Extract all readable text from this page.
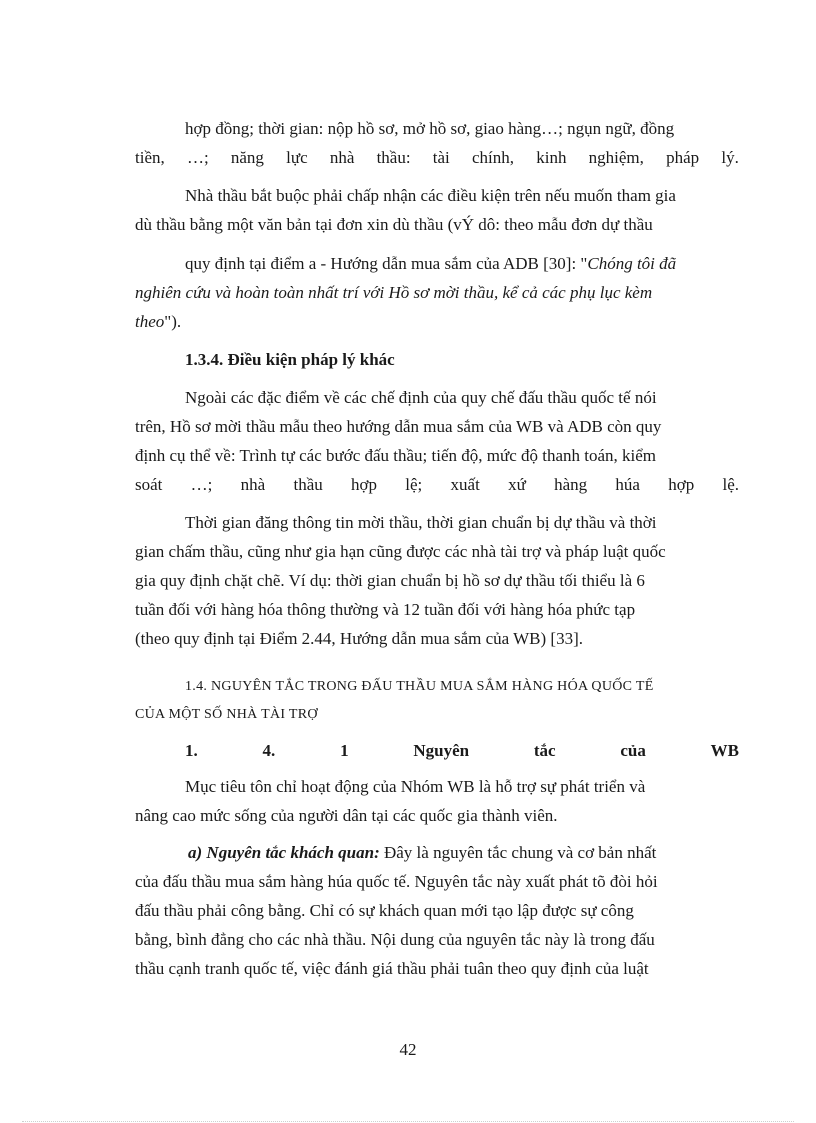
hợp đồng; thời gian: nộp hồ sơ, mở hồ sơ, giao hàng…; ngụn ngữ, đồng
tiền, …; năng lực nhà thầu: tài chính, kinh nghiệm, pháp lý.
Nhà thầu bắt buộc phải chấp nhận các điều kiện trên nếu muốn tham gia
dù thầu bằng một văn bản tại đơn xin dù thầu (vÝ dô: theo mẫu đơn dự thầu
quy định tại điểm a - Hướng dẫn mua sắm của ADB [30]: "Chóng tôi đã
nghiên cứu và hoàn toàn nhất trí với Hồ sơ mời thầu, kể cả các phụ lục kèm
theo").
1.3.4. Điều kiện pháp lý khác
Ngoài các đặc điểm về các chế định của quy chế đấu thầu quốc tế nói
trên, Hồ sơ mời thầu mẫu theo hướng dẫn mua sắm của WB và ADB còn quy
định cụ thể về: Trình tự các bước đấu thầu; tiến độ, mức độ thanh toán, kiểm
soát …; nhà thầu hợp lệ; xuất xứ hàng húa hợp lệ.
Thời gian đăng thông tin mời thầu, thời gian chuẩn bị dự thầu và thời
gian chấm thầu, cũng như gia hạn cũng được các nhà tài trợ và pháp luật quốc
gia quy định chặt chẽ. Ví dụ: thời gian chuẩn bị hồ sơ dự thầu tối thiểu là 6
tuần đối với hàng hóa thông thường và 12 tuần đối với hàng hóa phức tạp
(theo quy định tại Điểm 2.44, Hướng dẫn mua sắm của WB) [33].
1.4. NGUYÊN TẮC TRONG ĐẤU THẦU MUA SẮM HÀNG HÓA QUỐC TẾ
CỦA MỘT SỐ NHÀ TÀI TRỢ
1.	4.	1	Nguyên	tắc	của	WB
Mục tiêu tôn chỉ hoạt động của Nhóm WB là hỗ trợ sự phát triển và
nâng cao mức sống của người dân tại các quốc gia thành viên.
a) Nguyên tắc khách quan: Đây là nguyên tắc chung và cơ bản nhất
của đấu thầu mua sắm hàng húa quốc tế. Nguyên tắc này xuất phát tõ đòi hỏi
đấu thầu phải công bằng. Chỉ có sự khách quan mới tạo lập được sự công
bằng, bình đẳng cho các nhà thầu. Nội dung của nguyên tắc này là trong đấu
thầu cạnh tranh quốc tế, việc đánh giá thầu phải tuân theo quy định của luật
42
